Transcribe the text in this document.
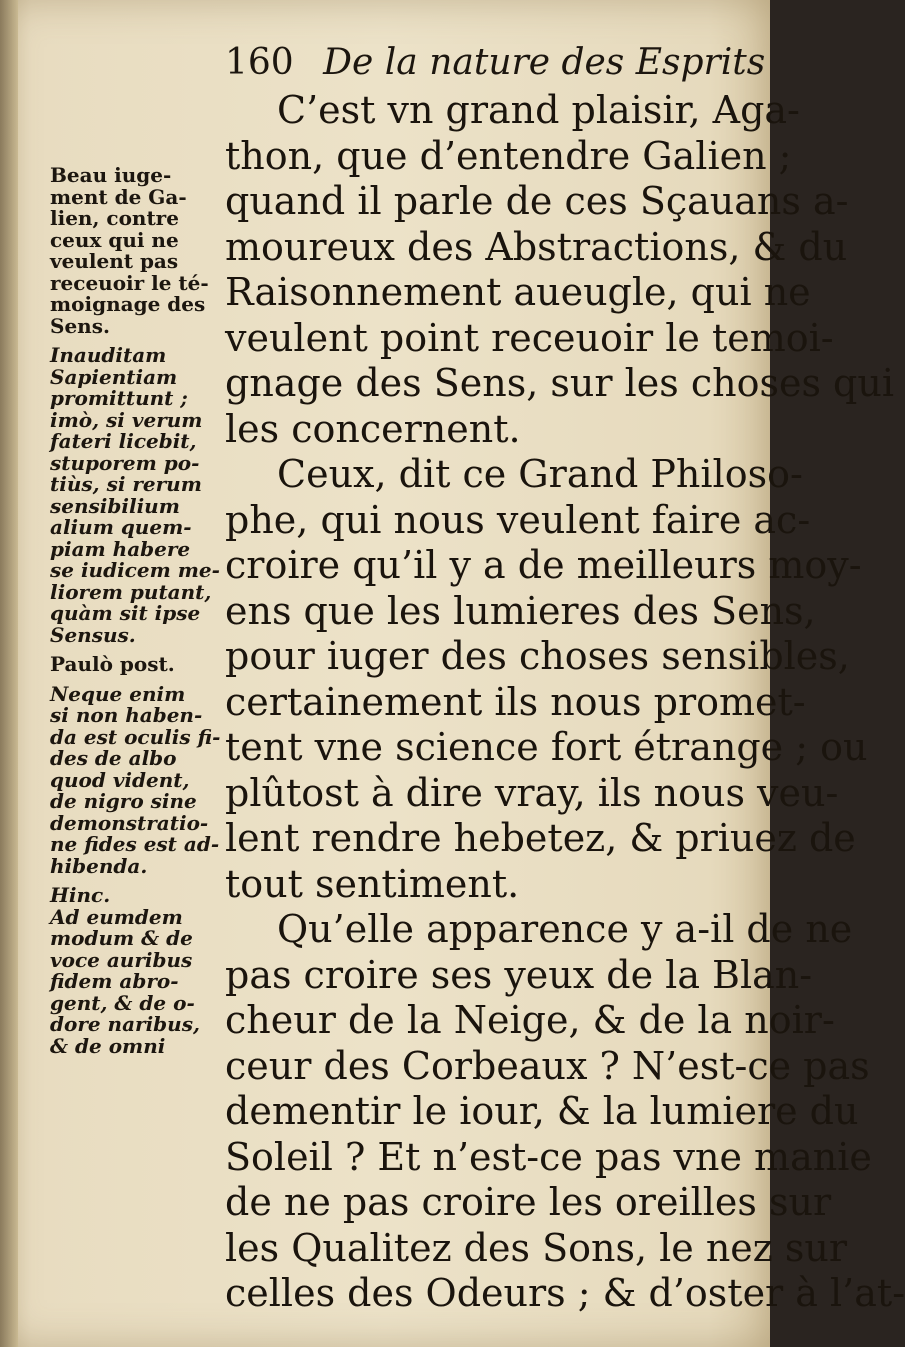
160 De la nature des Esprits
Beau iuge-
ment de Ga-
lien, contre
ceux qui ne
veulent pas
receuoir le té-
moignage des
Sens.
Inauditam
Sapientiam
promittunt ;
imò, si verum
fateri licebit,
stuporem po-
tiùs, si rerum
sensibilium
alium quem-
piam habere
se iudicem me-
liorem putant,
quàm sit ipse
Sensus.
Paulò post.
Neque enim
si non haben-
da est oculis fi-
des de albo
quod vident,
de nigro sine
demonstratio-
ne fides est ad-
hibenda.
Hinc.
Ad eumdem
modum & de
voce auribus
fidem abro-
gent, & de o-
dore naribus,
& de omni
C’est vn grand plaisir, Aga-
thon, que d’entendre Galien ;
quand il parle de ces Sçauans a-
moureux des Abstractions, & du
Raisonnement aueugle, qui ne
veulent point receuoir le temoi-
gnage des Sens, sur les choses qui
les concernent.
Ceux, dit ce Grand Philoso-
phe, qui nous veulent faire ac-
croire qu’il y a de meilleurs moy-
ens que les lumieres des Sens,
pour iuger des choses sensibles,
certainement ils nous promet-
tent vne science fort étrange ; ou
plûtost à dire vray, ils nous veu-
lent rendre hebetez, & priuez de
tout sentiment.
Qu’elle apparence y a-il de ne
pas croire ses yeux de la Blan-
cheur de la Neige, & de la noir-
ceur des Corbeaux ? N’est-ce pas
dementir le iour, & la lumiere du
Soleil ? Et n’est-ce pas vne manie
de ne pas croire les oreilles sur
les Qualitez des Sons, le nez sur
celles des Odeurs ; & d’oster à l’at-
